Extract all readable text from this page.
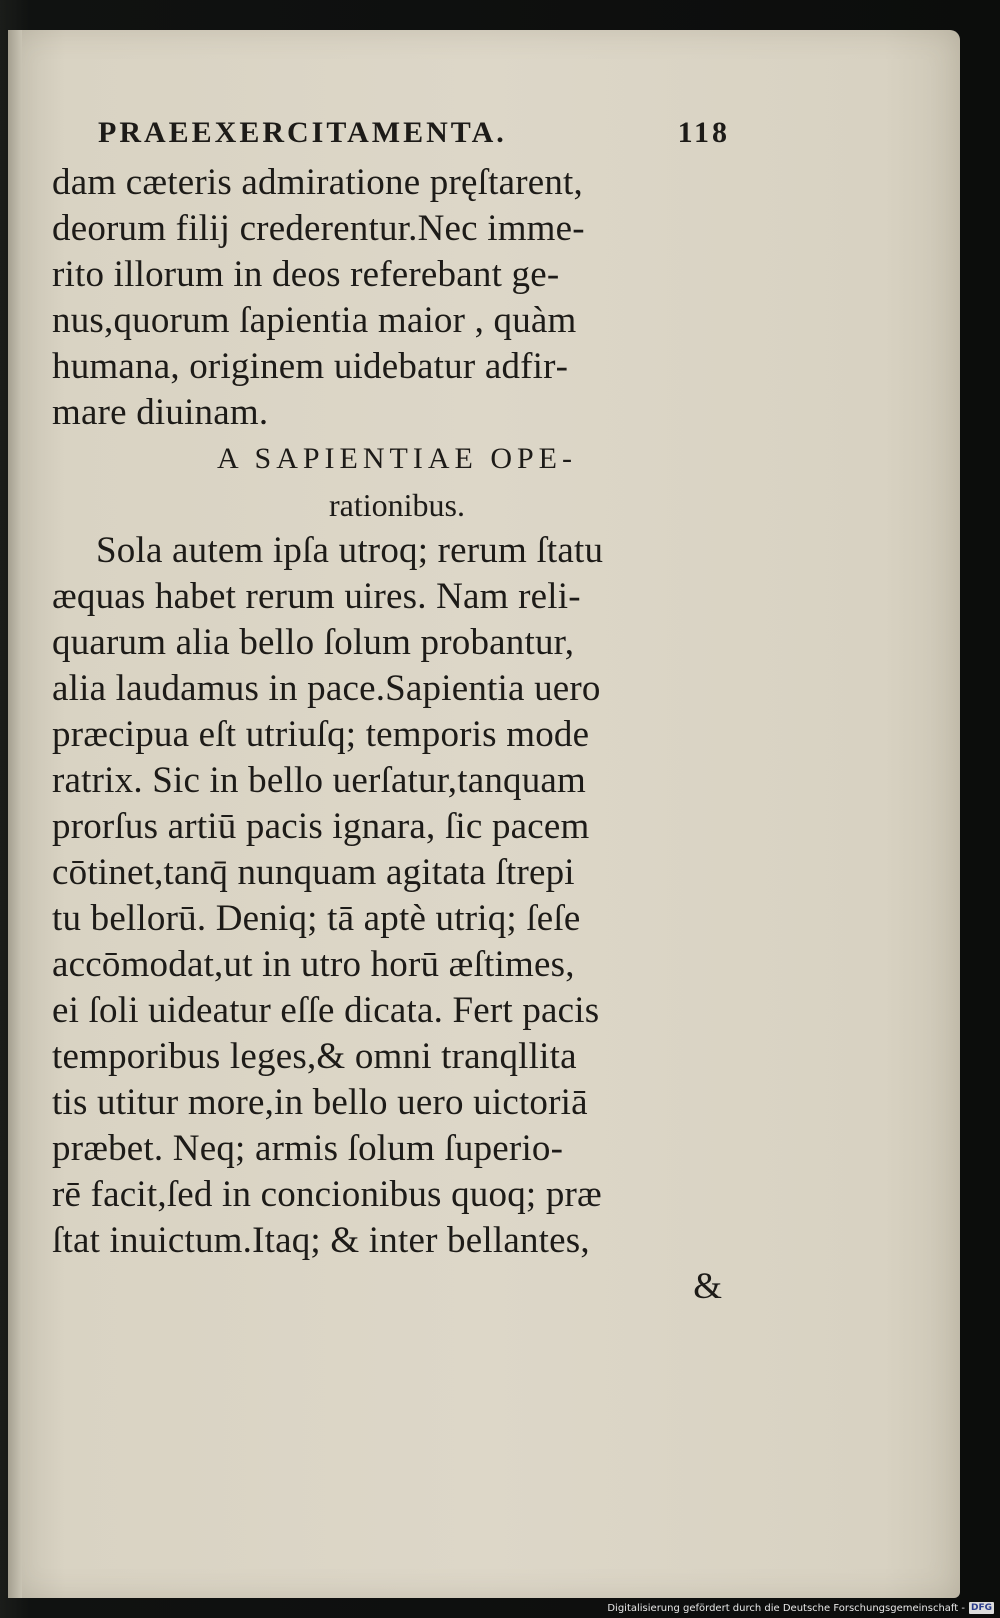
PRAEEXERCITAMENTA.	118
dam cæteris admiratione pręſtarent,
deorum filij crederentur.Nec imme‐
rito illorum in deos referebant ge‐
nus,quorum ſapientia maior , quàm
humana, originem uidebatur adfir‐
mare diuinam.
A SAPIENTIAE OPE‐
rationibus.
Sola autem ipſa utroq; rerum ſtatu
æquas habet rerum uires. Nam reli‐
quarum alia bello ſolum probantur,
alia laudamus in pace.Sapientia uero
præcipua eſt utriuſq; temporis mode
ratrix. Sic in bello uerſatur,tanquam
prorſus artiū pacis ignara, ſic pacem
cōtinet,tanq̄ nunquam agitata ſtrepi
tu bellorū. Deniq; tā aptè utriq; ſeſe
accōmodat,ut in utro horū æſtimes,
ei ſoli uideatur eſſe dicata. Fert pacis
temporibus leges,& omni tranqllita
tis utitur more,in bello uero uictoriā
præbet. Neq; armis ſolum ſuperio‐
rē facit,ſed in concionibus quoq; præ
ſtat inuictum.Itaq; & inter bellantes,
&
Digitalisierung gefördert durch die Deutsche Forschungsgemeinschaft - DFG
